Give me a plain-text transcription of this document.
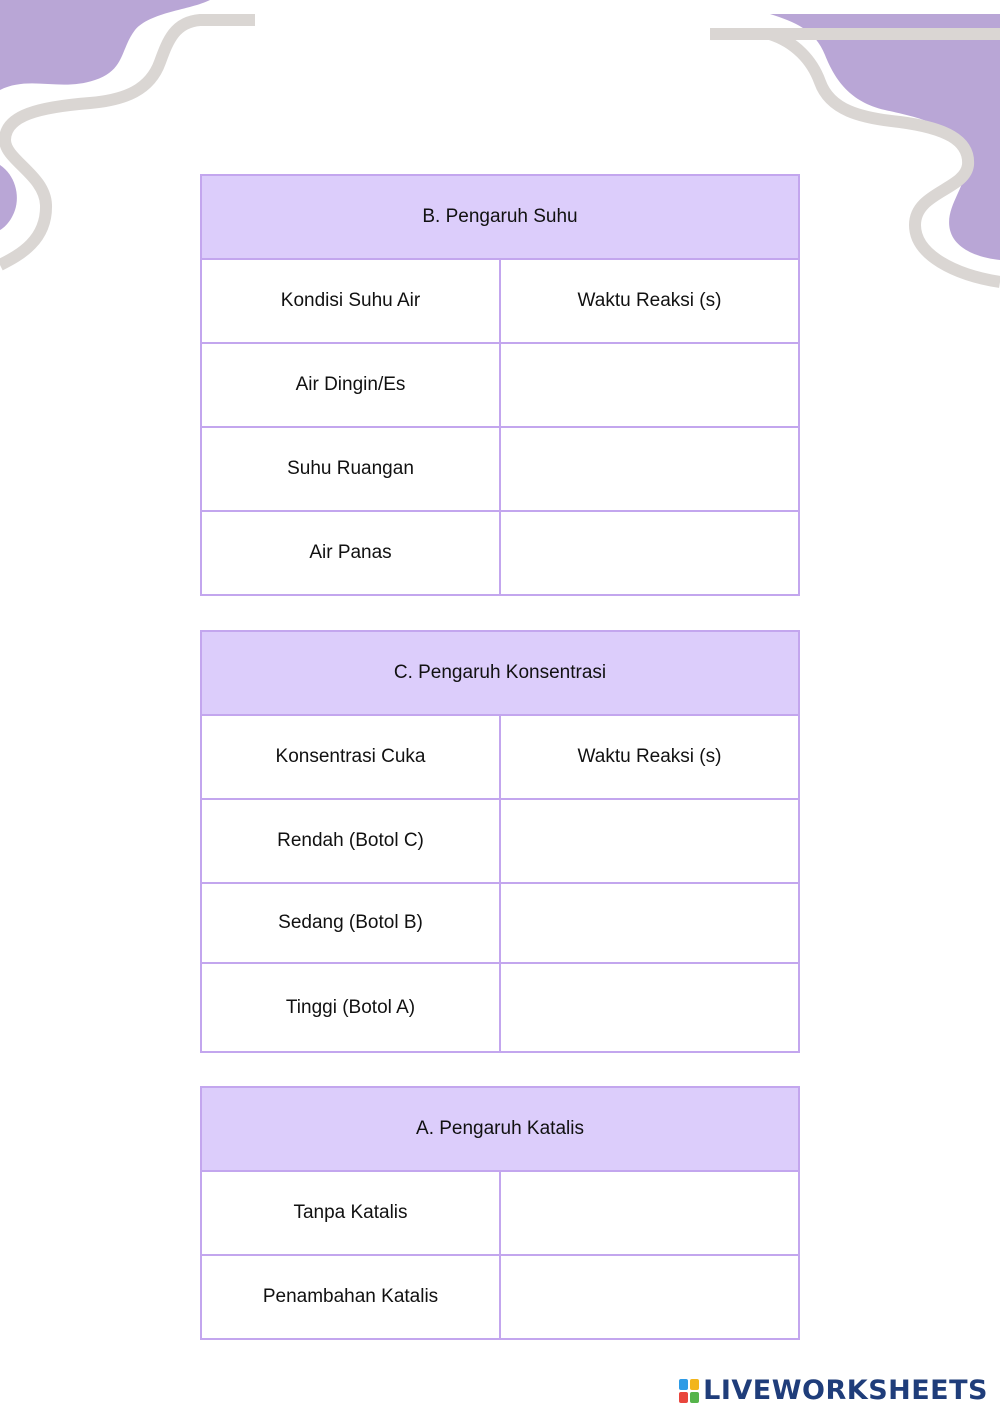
B. Pengaruh Suhu	
Kondisi Suhu Air	Waktu Reaksi (s)
Air Dingin/Es	
Suhu Ruangan	
Air Panas	
C. Pengaruh Konsentrasi	
Konsentrasi Cuka	Waktu Reaksi (s)
Rendah (Botol C)	
Sedang (Botol B)	
Tinggi (Botol A)	
A. Pengaruh Katalis	
Tanpa Katalis	
Penambahan Katalis	
LIVEWORKSHEETS
